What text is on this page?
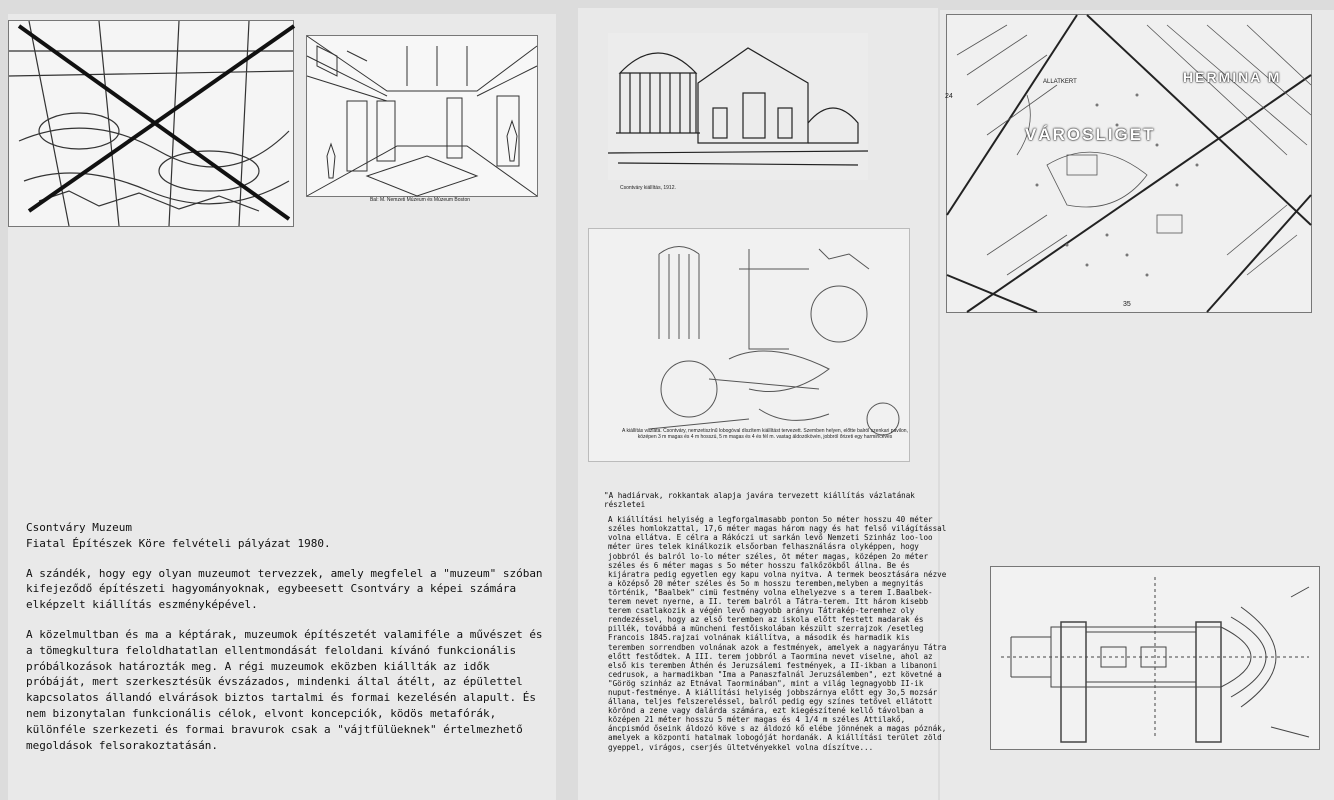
Bal: M. Nemzeti Múzeum és Múzeum Boston
Csontváry kiállítás, 1912.
A kiállítás vázlata. Csontváry, nemzetiszínű lobogóval díszítem kiállítást tervezett. Szemben helyen, előtte balról szenkari pavilon, középen 3 m magas és 4 m hosszú, 5 m magas és 4 és fél m. vastag áldozókövén, jobbról őrizeti egy harmincéves
VÁROSLIGET
HERMINA M
ALLATKERT
24
35

Csontváry Muzeum

Fiatal Építészek Köre felvételi pályázat 1980.

A szándék, hogy egy olyan muzeumot tervezzek, amely megfelel a "muzeum" szóban kifejeződő építészeti hagyományoknak, egybeesett Csontváry a képei számára elképzelt kiállítás eszményképével.

A közelmultban és ma a képtárak, muzeumok építészetét valamiféle a művészet és a tömegkultura feloldhatatlan ellentmondását feloldani kívánó funkcionális próbálkozások határozták meg. A régi muzeumok eközben kiállták az idők próbáját, mert szerkesztésük évszázados, mindenki által átélt, az épülettel kapcsolatos állandó elvárások biztos tartalmi és formai kezelésén alapult. És nem bizonytalan funkcionális célok, elvont koncepciók, ködös metafórák, különféle szerkezeti és formai bravurok csak a "vájtfülüeknek" értelmezhető megoldások felsorakoztatásán.

"A hadiárvak, rokkantak alapja javára tervezett kiállítás vázlatának részletei

A kiállítási helyiség a legforgalmasabb ponton 5o méter hosszu 40 méter széles homlokzattal, 17,6 méter magas három nagy és hat felső világítással volna ellátva. E célra a Rákóczi ut sarkán levő Nemzeti Szinház loo-loo méter üres telek kinálkozik elsőorban felhasználásra olyképpen, hogy jobbról és balról lo-lo méter széles, öt méter magas, középen 2o méter széles és 6 méter magas s 5o méter hosszu falkőzökből állna. Be és kijáratra pedig egyetlen egy kapu volna nyitva. A termek beosztására nézve a középső 20 méter széles és 5o m hosszu teremben,melyben a megnyitás történik, "Baalbek" cimü festmény volna elhelyezve s a terem I.Baalbek-terem nevet nyerne, a II. terem balról a Tátra-terem. Itt három kisebb terem csatlakozik a végén levő nagyobb arányu Tátrakép-teremhez oly rendezéssel, hogy az első teremben az iskola előtt festett madarak és pillék, továbbá a müncheni festőiskolában készült szerrajzok /esetleg Francois 1845.rajzai volnának kiállítva, a második és harmadik kis teremben sorrendben volnának azok a festmények, amelyek a nagyarányu Tátra előtt festődtek. A III. terem jobbról a Taormina nevet viselne, ahol az első kis teremben Áthén és Jeruzsálemi festmények, a II-ikban a libanoni cedrusok, a harmadikban "Ima a Panaszfalnál Jeruzsálemben", ezt követné a "Görög szinház az Etnával Taorminában", mint a világ legnagyobb II-ik nuput-festménye. A kiállítási helyiség jobbszárnya előtt egy 3o,5 mozsár állana, teljes felszereléssel, balról pedig egy színes tetővel ellátott körönd a zene vagy dalárda számára, ezt kiegészítené kellő távolban a középen 21 méter hosszu 5 méter magas és 4 1/4 m széles Attilakő, áncpismód őseink áldozó köve s az áldozó kő elébe jönnének a magas póznák, amelyek a központi hatalmak lobogóját hordanák. A kiállítási terület zöld gyeppel, virágos, cserjés ültetvényekkel volna díszítve...
